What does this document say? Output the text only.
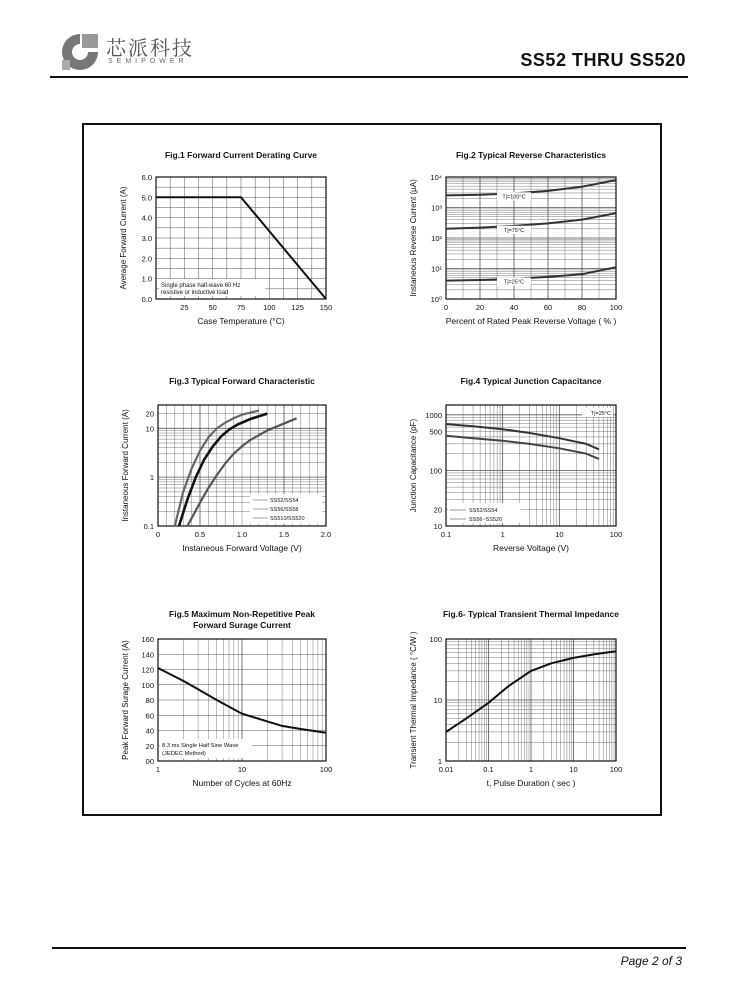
芯派科技
SEMIPOWER	SS52 THRU SS520
25	50	75 100 125 150
6.0
5.0
4.0
3.0
2.0
1.0
0.0
Single phase half-wave 60 Hz
resistive or inductive load
Fig.1 Forward Current Derating Curve
Case Temperature (°C)
Average Forward Current (A)	Tj=100°C
Tj=75°C
Tj=25°C
0	20	40	60	80	100
10⁴
10³
10²
10¹
10⁰
Fig.2 Typical Reverse Characteristics
Percent of Rated Peak Reverse Voltage ( % )
Instaneous Reverse Current (µA)
0	0.5	1.0	1.5	2.0
20
10
1
0.1
SS52/SS54
SS56/SS58
SS510/SS520
Fig.3 Typical Forward Characteristic
Instaneous Forward Voltage (V)
Instaneous Forward Current (A)	Tj=25°C
SS52/SS54
SS56~SS520
0.1	1	10	100
1000
500
100
20
10
Fig.4 Typical Junction Capacitance
Reverse Voltage (V)
Junction Capacitance (pF)
8.3 ms Single Half Sine Wave
(JEDEC Method)
1	10	100
160
140
120
100
80
60
40
20
00
Fig.5 Maximum Non-Repetitive Peak
Forward Surage Current
Number of Cycles at 60Hz
Peak Forward Surage Current (A)
0.01	0.1	1	10	100
100
10
1
Fig.6- Typical Transient Thermal Impedance
t, Pulse Duration ( sec )
Transient Thermal Impedance ( °C/W )
Page 2 of 3
